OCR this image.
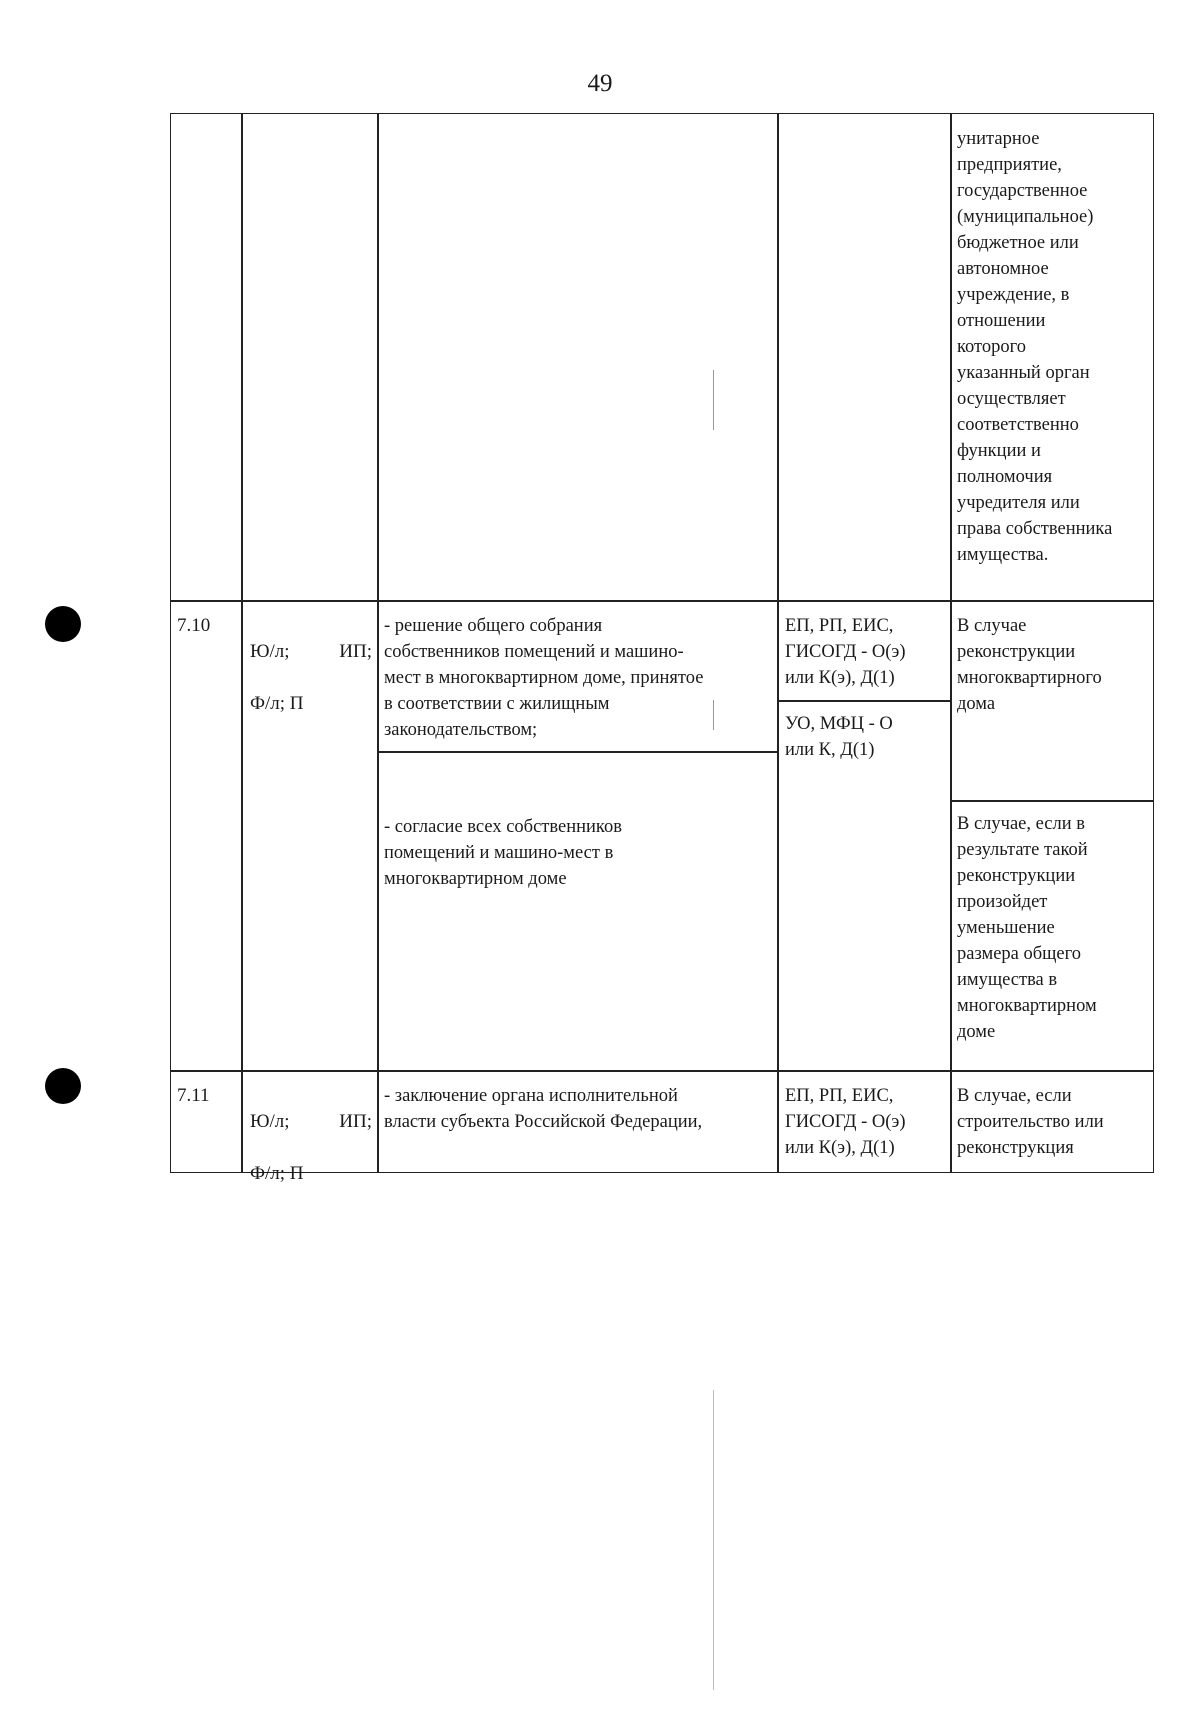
49
унитарное
предприятие,
государственное
(муниципальное)
бюджетное или
автономное
учреждение, в
отношении
которого
указанный орган
осуществляет
соответственно
функции и
полномочия
учредителя или
права собственника
имущества.
7.10

Ю/л;	ИП;

Ф/л; П

- решение общего собрания
собственников помещений и машино-
мест в многоквартирном доме, принятое
в соответствии с жилищным
законодательством;
- согласие всех собственников
помещений и машино-мест в
многоквартирном доме
ЕП, РП, ЕИС,
ГИСОГД - О(э)
или К(э), Д(1)
УО, МФЦ - О
или К, Д(1)
В случае
реконструкции
многоквартирного
дома
В случае, если в
результате такой
реконструкции
произойдет
уменьшение
размера общего
имущества в
многоквартирном
доме
7.11

Ю/л;	ИП;

Ф/л; П

- заключение органа исполнительной
власти субъекта Российской Федерации,
ЕП, РП, ЕИС,
ГИСОГД - О(э)
или К(э), Д(1)
В случае, если
строительство или
реконструкция
